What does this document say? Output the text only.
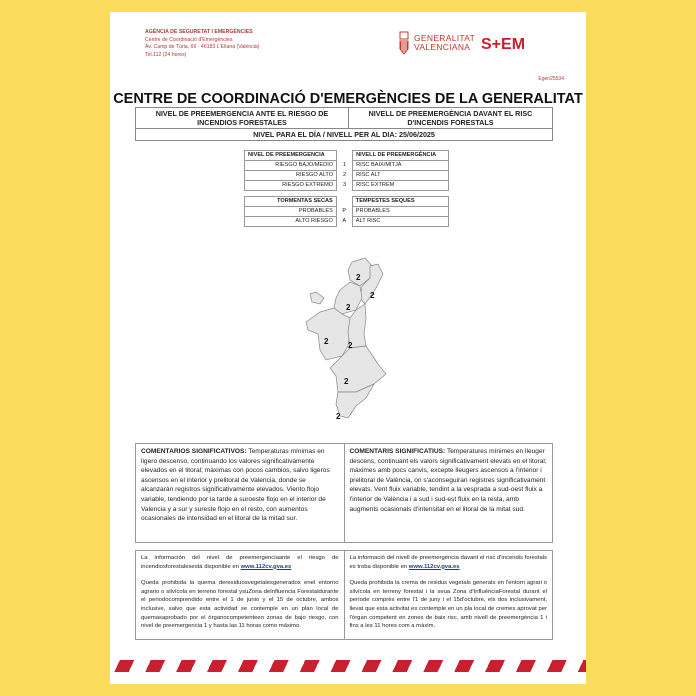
AGÈNCIA DE SEGURETAT I EMERGÈNCIES
Centre de Coordinació d'Emergències
Av. Camp de Túria, 66 · 46183 L'Eliana (València)
Tel.112 (24 hores)
GENERALITAT
VALENCIANA S+EM
Egen25534
CENTRE DE COORDINACIÓ D'EMERGÈNCIES DE LA GENERALITAT
NIVEL DE PREEMERGENCIA ANTE EL RIESGO DE INCENDIOS FORESTALES	NIVELL DE PREEMERGÈNCIA DAVANT EL RISC D'INCENDIS FORESTALS
NIVEL PARA EL DÍA / NIVELL PER AL DIA: 25/06/2025
NIVEL DE PREEMERGENCIA		NIVELL DE PREEMERGÈNCIA
RIESGO BAJO/MEDIO	1	RISC BAIX/MITJÀ
RIESGO ALTO	2	RISC ALT
RIESGO EXTREMO	3	RISC EXTREM
TORMENTAS SECAS		TEMPESTES SEQUES
PROBABLES	P	PROBABLES
ALTO RIESGO	A	ALT RISC
2
2
2
2 2
2
2
COMENTARIOS SIGNIFICATIVOS: Temperaturas mínimas en ligero descenso, continuando los valores significativamente elevados en el litoral; máximas con pocos cambios, salvo ligeros ascensos en el interior y prelitoral de Valencia, donde se alcanzarán registros significativamente elevados. Viento flojo variable, tendiendo por la tarde a suroeste flojo en el interior de Valencia y a sur y sureste flojo en el resto, con aumentos ocasionales de intensidad en el litoral de la mitad sur.
COMENTARIS SIGNIFICATIUS: Temperatures mínimes en lleuger descens, continuant els valors significativament elevats en el litoral; màximes amb pocs canvis, excepte lleugers ascensos a l'interior i prelitoral de València, on s'aconseguiran registres significativament elevats. Vent fluix variable, tendint a la vesprada a sud-oest fluix a l'interior de València i a sud i sud-est fluix en la resta, amb augments ocasionals d'intensitat en el litoral de la mitat sud.

La información del nivel de preemergenciaante el riesgo de incendiosforestalesestá disponible en www.112cv.gva.es

Queda prohibida la quema deresiduosvegetalesgenerados enel entorno agrario o silvícola en terreno forestal ysuZona deInfluencia Forestaldurante el periodocomprendido entre el 1 de junio y el 15 de octubre, ambos inclusive, salvo que esta actividad se contemple en un plan local de quemasaprobado por el órganocompetenteen zonas de bajo riesgo, con nivel de preemergencia 1 y hasta las 11 horas como máximo.

La informació del nivell de preemergència davant el risc d'incendis forestals es troba disponible en www.112cv.gva.es

Queda prohibida la crema de residus vegetals generats en l'entorn agrari o silvícola en terreny forestal i la seua Zona d'InfluènciaForestal durant el període comprès entre l'1 de juny i el 15d'octubre, els dos inclusivament, llevat que esta activitat es contemple en un pla local de cremes aprovat per l'òrgan competent en zones de baix risc, amb nivell de preemergència 1 i fins a les 11 hores com a màxim.
